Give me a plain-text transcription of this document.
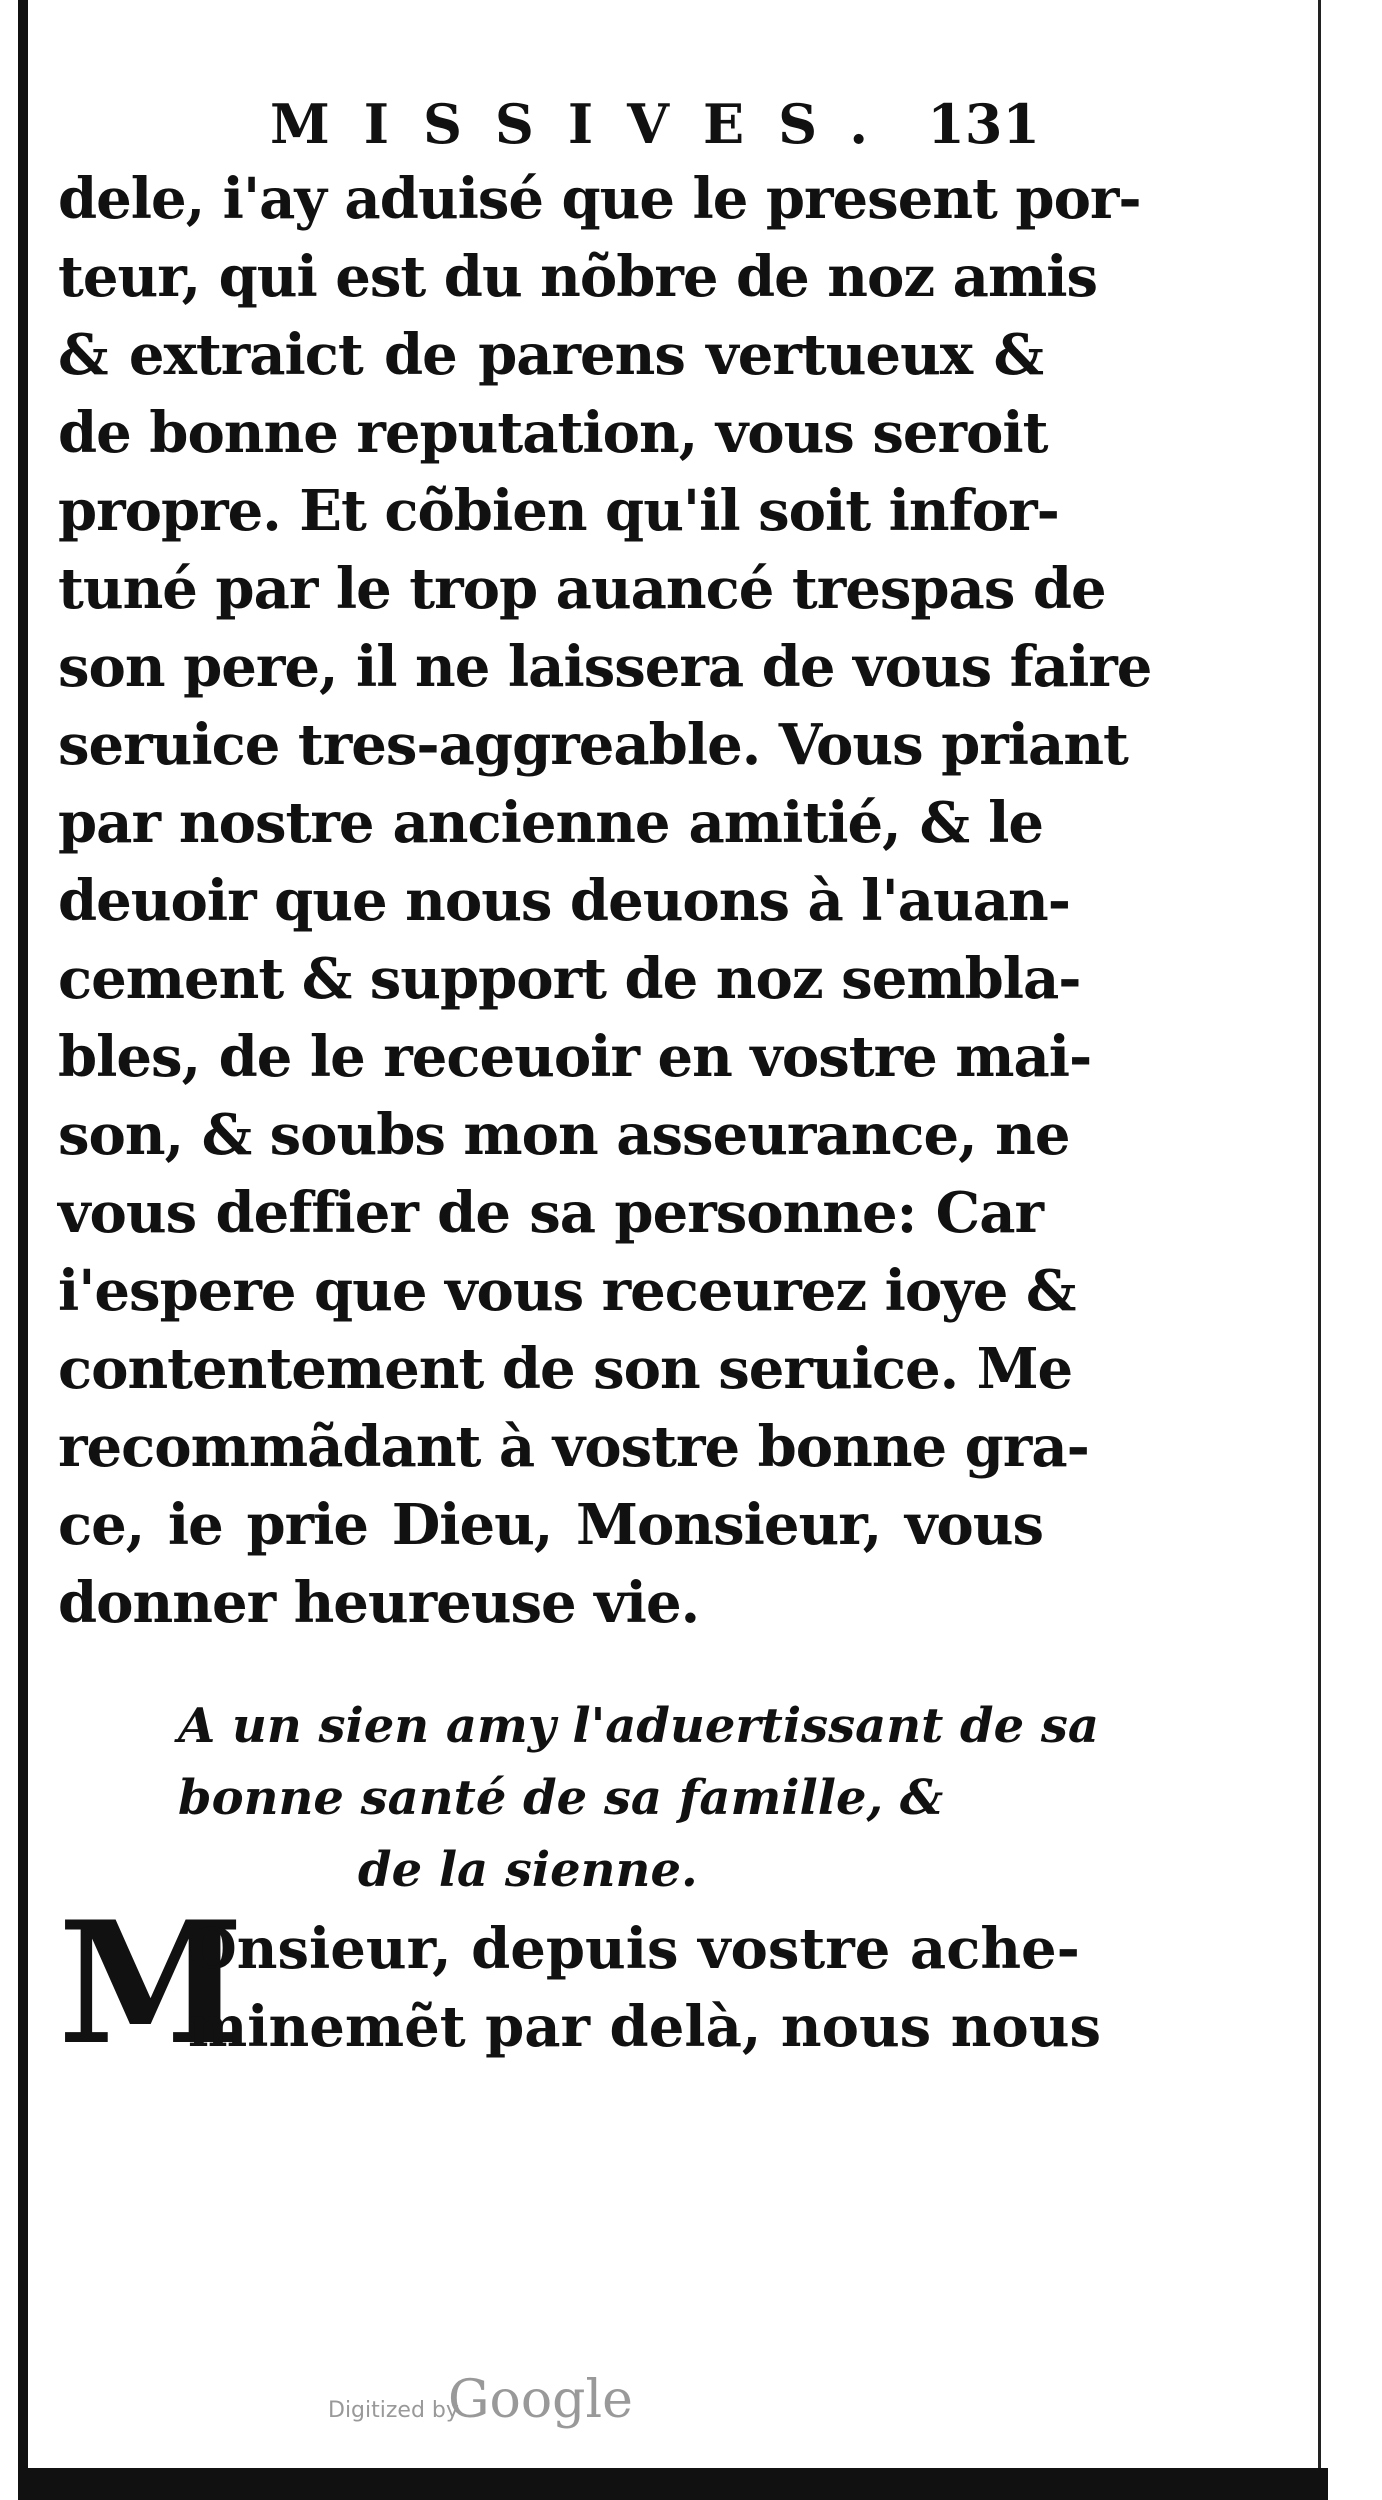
MISSIVES. 131
dele, i'ay aduisé que le present por-
teur, qui est du nõbre de noz amis
& extraict de parens vertueux &
de bonne reputation, vous seroit
propre. Et cõbien qu'il soit infor-
tuné par le trop auancé trespas de
son pere, il ne laissera de vous faire
seruice tres-aggreable. Vous priant
par nostre ancienne amitié, & le
deuoir que nous deuons à l'auan-
cement & support de noz sembla-
bles, de le receuoir en vostre mai-
son, & soubs mon asseurance, ne
vous deffier de sa personne: Car
i'espere que vous receurez ioye &
contentement de son seruice. Me
recommãdant à vostre bonne gra-
ce, ie prie Dieu, Monsieur, vous
donner heureuse vie.
A un sien amy l'aduertissant de sa
bonne santé de sa famille, &
de la sienne.
M
Onsieur, depuis vostre ache-
minemẽt par delà, nous nous
Digitized by
Google
